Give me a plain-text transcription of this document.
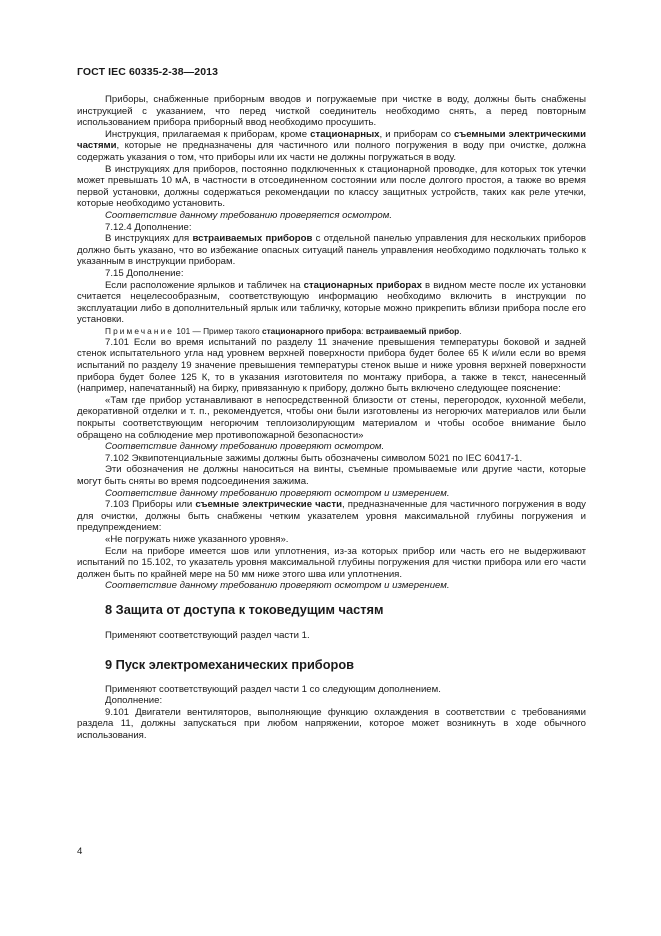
ГОСТ IEC 60335-2-38—2013

Приборы, снабженные приборным вводов и погружаемые при чистке в воду, должны быть снабжены инструкцией с указанием, что перед чисткой соединитель необходимо снять, а перед повторным использованием прибора приборный ввод необходимо просушить.

Инструкция, прилагаемая к приборам, кроме стационарных, и приборам со съемными электрическими частями, которые не предназначены для частичного или полного погружения в воду при очистке, должна содержать указания о том, что приборы или их части не должны погружаться в воду.

В инструкциях для приборов, постоянно подключенных к стационарной проводке, для которых ток утечки может превышать 10 мА, в частности в отсоединенном состоянии или после долгого простоя, а также во время первой установки, должны содержаться рекомендации по классу защитных устройств, таких как реле утечки, которые необходимо установить.

Соответствие данному требованию проверяется осмотром.

7.12.4 Дополнение:

В инструкциях для встраиваемых приборов с отдельной панелью управления для нескольких приборов должно быть указано, что во избежание опасных ситуаций панель управления необходимо подключать только к указанным в инструкции приборам.

7.15 Дополнение:

Если расположение ярлыков и табличек на стационарных приборах в видном месте после их установки считается нецелесообразным, соответствующую информацию необходимо включить в инструкции по эксплуатации либо в дополнительный ярлык или табличку, которые можно прикрепить вблизи прибора после его установки.

Примечание 101 — Пример такого стационарного прибора: встраиваемый прибор.

7.101 Если во время испытаний по разделу 11 значение превышения температуры боковой и задней стенок испытательного угла над уровнем верхней поверхности прибора будет более 65 К и/или если во время испытаний по разделу 19 значение превышения температуры стенок выше и ниже уровня верхней поверхности прибора будет более 125 К, то в указания изготовителя по монтажу прибора, а также в текст, нанесенный (например, напечатанный) на бирку, привязанную к прибору, должно быть включено следующее пояснение:

«Там где прибор устанавливают в непосредственной близости от стены, перегородок, кухонной мебели, декоративной отделки и т. п., рекомендуется, чтобы они были изготовлены из негорючих материалов или были покрыты соответствующим негорючим теплоизолирующим материалом и чтобы особое внимание было обращено на соблюдение мер противопожарной безопасности»

Соответствие данному требованию проверяют осмотром.

7.102 Эквипотенциальные зажимы должны быть обозначены символом 5021 по IEC 60417-1.

Эти обозначения не должны наноситься на винты, съемные промываемые или другие части, которые могут быть сняты во время подсоединения зажима.

Соответствие данному требованию проверяют осмотром и измерением.

7.103 Приборы или съемные электрические части, предназначенные для частичного погружения в воду для очистки, должны быть снабжены четким указателем уровня максимальной глубины погружения и предупреждением:

«Не погружать ниже указанного уровня».

Если на приборе имеется шов или уплотнения, из-за которых прибор или часть его не выдерживают испытаний по 15.102, то указатель уровня максимальной глубины погружения для чистки прибора или его части должен быть по крайней мере на 50 мм ниже этого шва или уплотнения.

Соответствие данному требованию проверяют осмотром и измерением.

8 Защита от доступа к токоведущим частям

Применяют соответствующий раздел части 1.

9 Пуск электромеханических приборов

Применяют соответствующий раздел части 1 со следующим дополнением.

Дополнение:

9.101 Двигатели вентиляторов, выполняющие функцию охлаждения в соответствии с требованиями раздела 11, должны запускаться при любом напряжении, которое может возникнуть в ходе обычного использования.

4
